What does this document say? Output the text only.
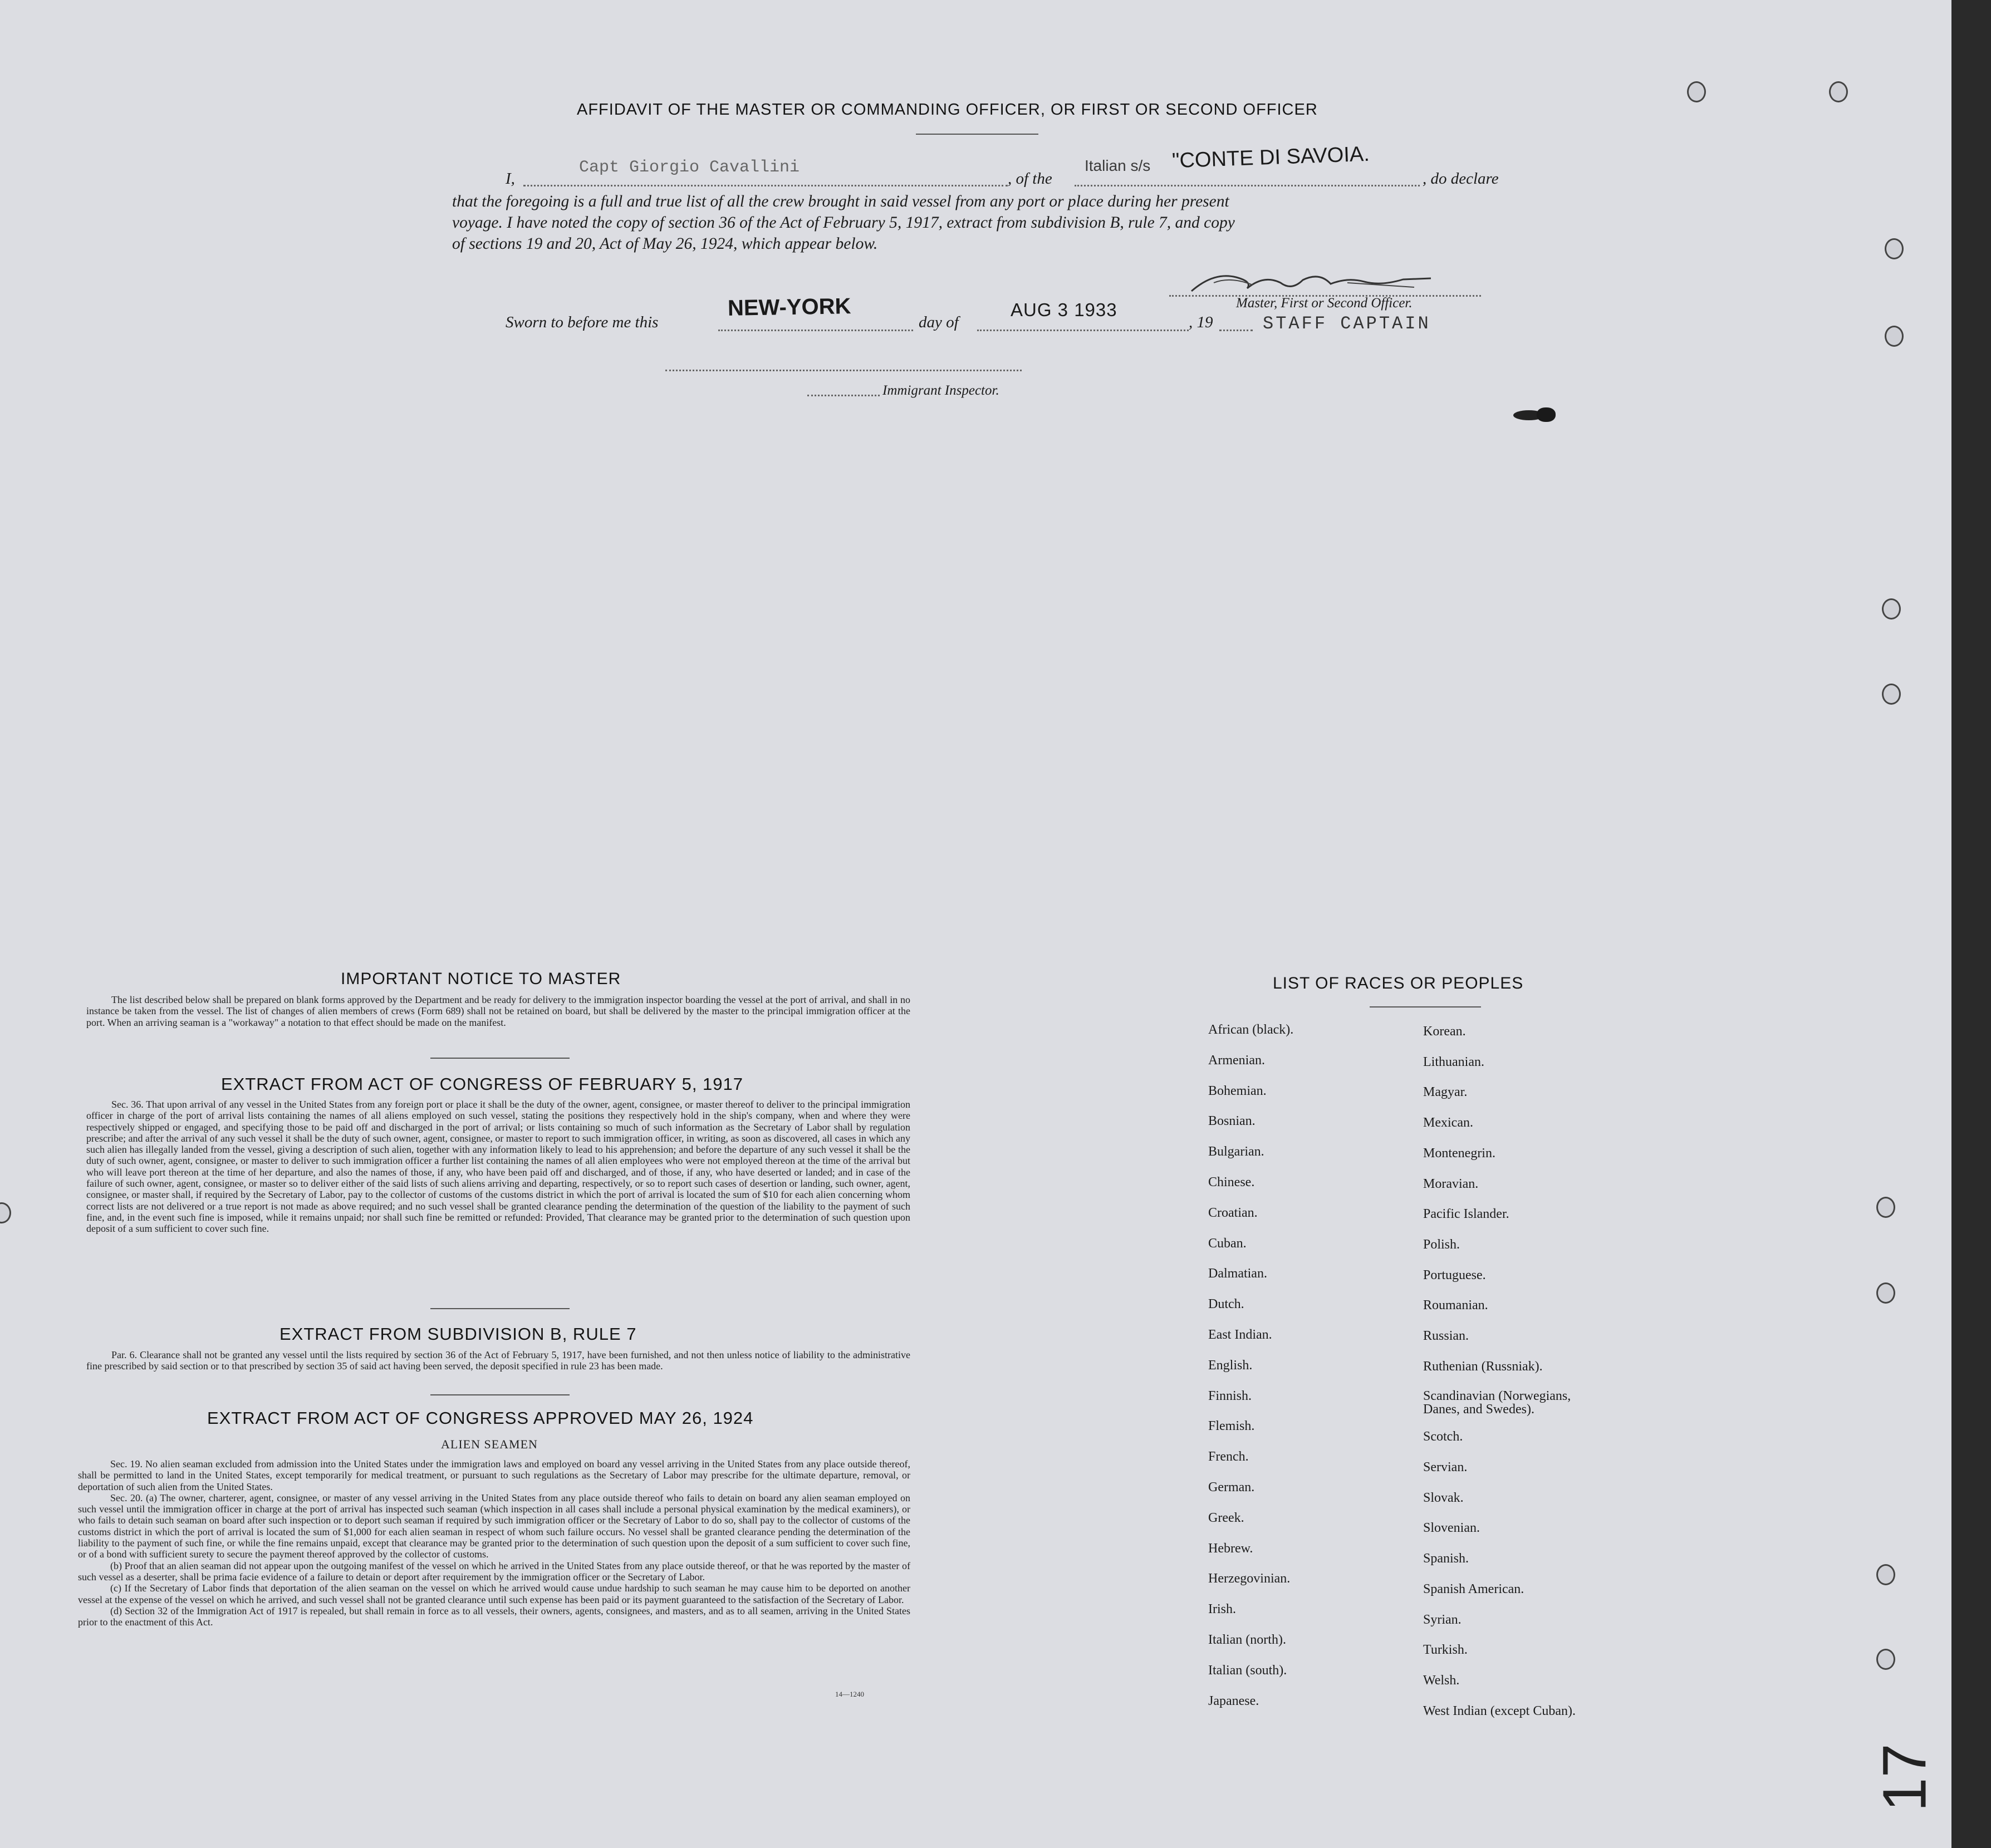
AFFIDAVIT OF THE MASTER OR COMMANDING OFFICER, OR FIRST OR SECOND OFFICER
I,
Capt Giorgio Cavallini
, of the
Italian s/s "CONTE DI SAVOIA.
, do declare
that the foregoing is a full and true list of all the crew brought in said vessel from any port or place during her present
voyage. I have noted the copy of section 36 of the Act of February 5, 1917, extract from subdivision B, rule 7, and copy
of sections 19 and 20, Act of May 26, 1924, which appear below.
Master, First or Second Officer.
Sworn to before me this
NEW-YORK
day of
AUG 3 1933
, 19	STAFF CAPTAIN
Immigrant Inspector.
IMPORTANT NOTICE TO MASTER

The list described below shall be prepared on blank forms approved by the Department and be ready for delivery to the immigration inspector boarding the vessel at the port of arrival, and shall in no instance be taken from the vessel. The list of changes of alien members of crews (Form 689) shall not be retained on board, but shall be delivered by the master to the principal immigration officer at the port. When an arriving seaman is a "workaway" a notation to that effect should be made on the manifest.

EXTRACT FROM ACT OF CONGRESS OF FEBRUARY 5, 1917

Sec. 36. That upon arrival of any vessel in the United States from any foreign port or place it shall be the duty of the owner, agent, consignee, or master thereof to deliver to the principal immigration officer in charge of the port of arrival lists containing the names of all aliens employed on such vessel, stating the positions they respectively hold in the ship's company, when and where they were respectively shipped or engaged, and specifying those to be paid off and discharged in the port of arrival; or lists containing so much of such information as the Secretary of Labor shall by regulation prescribe; and after the arrival of any such vessel it shall be the duty of such owner, agent, consignee, or master to report to such immigration officer, in writing, as soon as discovered, all cases in which any such alien has illegally landed from the vessel, giving a description of such alien, together with any information likely to lead to his apprehension; and before the departure of any such vessel it shall be the duty of such owner, agent, consignee, or master to deliver to such immigration officer a further list containing the names of all alien employees who were not employed thereon at the time of the arrival but who will leave port thereon at the time of her departure, and also the names of those, if any, who have been paid off and discharged, and of those, if any, who have deserted or landed; and in case of the failure of such owner, agent, consignee, or master so to deliver either of the said lists of such aliens arriving and departing, respectively, or so to report such cases of desertion or landing, such owner, agent, consignee, or master shall, if required by the Secretary of Labor, pay to the collector of customs of the customs district in which the port of arrival is located the sum of $10 for each alien concerning whom correct lists are not delivered or a true report is not made as above required; and no such vessel shall be granted clearance pending the determination of the question of the liability to the payment of such fine, and, in the event such fine is imposed, while it remains unpaid; nor shall such fine be remitted or refunded: Provided, That clearance may be granted prior to the determination of such question upon deposit of a sum sufficient to cover such fine.

EXTRACT FROM SUBDIVISION B, RULE 7

Par. 6. Clearance shall not be granted any vessel until the lists required by section 36 of the Act of February 5, 1917, have been furnished, and not then unless notice of liability to the administrative fine prescribed by said section or to that prescribed by section 35 of said act having been served, the deposit specified in rule 23 has been made.

EXTRACT FROM ACT OF CONGRESS APPROVED MAY 26, 1924
ALIEN SEAMEN

Sec. 19. No alien seaman excluded from admission into the United States under the immigration laws and employed on board any vessel arriving in the United States from any place outside thereof, shall be permitted to land in the United States, except temporarily for medical treatment, or pursuant to such regulations as the Secretary of Labor may prescribe for the ultimate departure, removal, or deportation of such alien from the United States.

Sec. 20. (a) The owner, charterer, agent, consignee, or master of any vessel arriving in the United States from any place outside thereof who fails to detain on board any alien seaman employed on such vessel until the immigration officer in charge at the port of arrival has inspected such seaman (which inspection in all cases shall include a personal physical examination by the medical examiners), or who fails to detain such seaman on board after such inspection or to deport such seaman if required by such immigration officer or the Secretary of Labor to do so, shall pay to the collector of customs of the customs district in which the port of arrival is located the sum of $1,000 for each alien seaman in respect of whom such failure occurs. No vessel shall be granted clearance pending the determination of the liability to the payment of such fine, or while the fine remains unpaid, except that clearance may be granted prior to the determination of such question upon the deposit of a sum sufficient to cover such fine, or of a bond with sufficient surety to secure the payment thereof approved by the collector of customs.

(b) Proof that an alien seaman did not appear upon the outgoing manifest of the vessel on which he arrived in the United States from any place outside thereof, or that he was reported by the master of such vessel as a deserter, shall be prima facie evidence of a failure to detain or deport after requirement by the immigration officer or the Secretary of Labor.

(c) If the Secretary of Labor finds that deportation of the alien seaman on the vessel on which he arrived would cause undue hardship to such seaman he may cause him to be deported on another vessel at the expense of the vessel on which he arrived, and such vessel shall not be granted clearance until such expense has been paid or its payment guaranteed to the satisfaction of the Secretary of Labor.

(d) Section 32 of the Immigration Act of 1917 is repealed, but shall remain in force as to all vessels, their owners, agents, consignees, and masters, and as to all seamen, arriving in the United States prior to the enactment of this Act.

14—1240
LIST OF RACES OR PEOPLES
African (black).
Armenian.
Bohemian.
Bosnian.
Bulgarian.
Chinese.
Croatian.
Cuban.
Dalmatian.
Dutch.
East Indian.
English.
Finnish.
Flemish.
French.
German.
Greek.
Hebrew.
Herzegovinian.
Irish.
Italian (north).
Italian (south).
Japanese.
Korean.
Lithuanian.
Magyar.
Mexican.
Montenegrin.
Moravian.
Pacific Islander.
Polish.
Portuguese.
Roumanian.
Russian.
Ruthenian (Russniak).
Scandinavian (Norwegians, Danes, and Swedes).
Scotch.
Servian.
Slovak.
Slovenian.
Spanish.
Spanish American.
Syrian.
Turkish.
Welsh.
West Indian (except Cuban).
17
